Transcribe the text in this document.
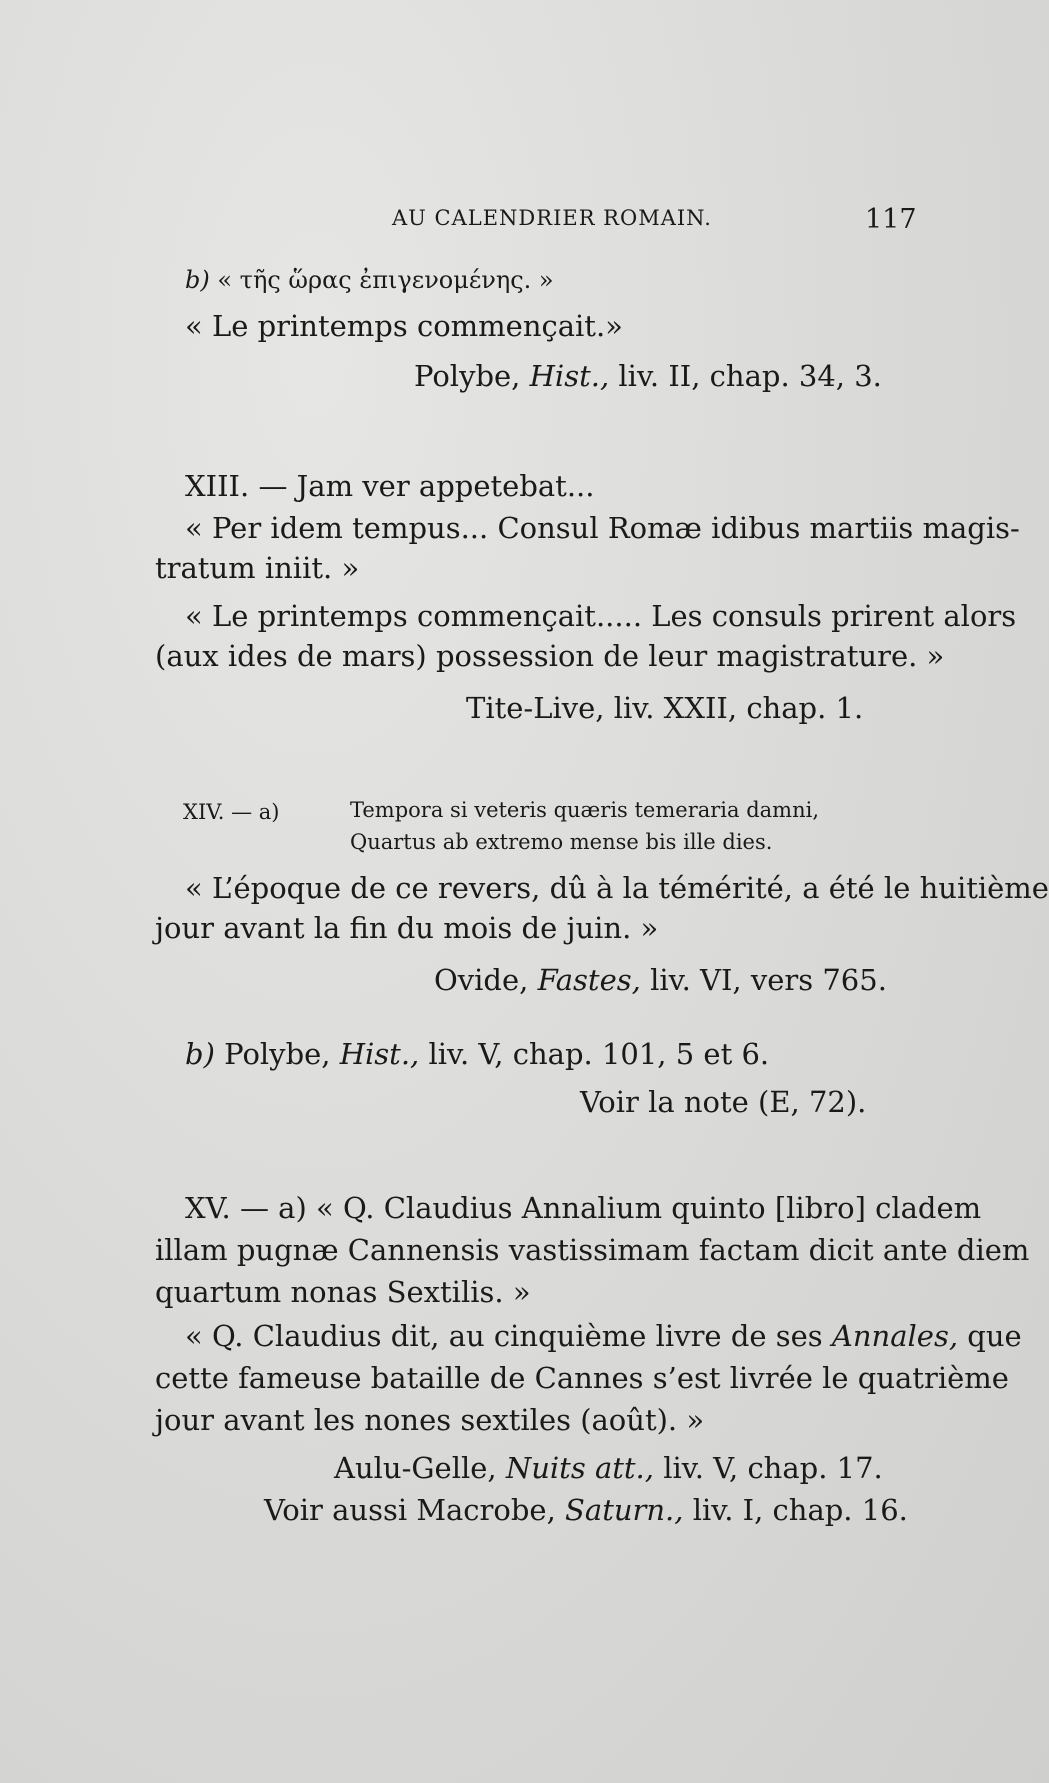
AU CALENDRIER ROMAIN.	117
b) « τῆς ὥρας ἐπιγενομένης. »
« Le printemps commençait.»
Polybe, Hist., liv. II, chap. 34, 3.
XIII. — Jam ver appetebat...
« Per idem tempus... Consul Romæ idibus martiis magis-
tratum iniit. »
« Le printemps commençait..... Les consuls prirent alors
(aux ides de mars) possession de leur magistrature. »
Tite-Live, liv. XXII, chap. 1.
XIV. — a)	Tempora si veteris quæris temeraria damni,
Quartus ab extremo mense bis ille dies.
« L’époque de ce revers, dû à la témérité, a été le huitième
jour avant la fin du mois de juin. »
Ovide, Fastes, liv. VI, vers 765.
b) Polybe, Hist., liv. V, chap. 101, 5 et 6.
Voir la note (E, 72).
XV. — a) « Q. Claudius Annalium quinto [libro] cladem
illam pugnæ Cannensis vastissimam factam dicit ante diem
quartum nonas Sextilis. »
« Q. Claudius dit, au cinquième livre de ses Annales, que
cette fameuse bataille de Cannes s’est livrée le quatrième
jour avant les nones sextiles (août). »
Aulu-Gelle, Nuits att., liv. V, chap. 17.
Voir aussi Macrobe, Saturn., liv. I, chap. 16.
